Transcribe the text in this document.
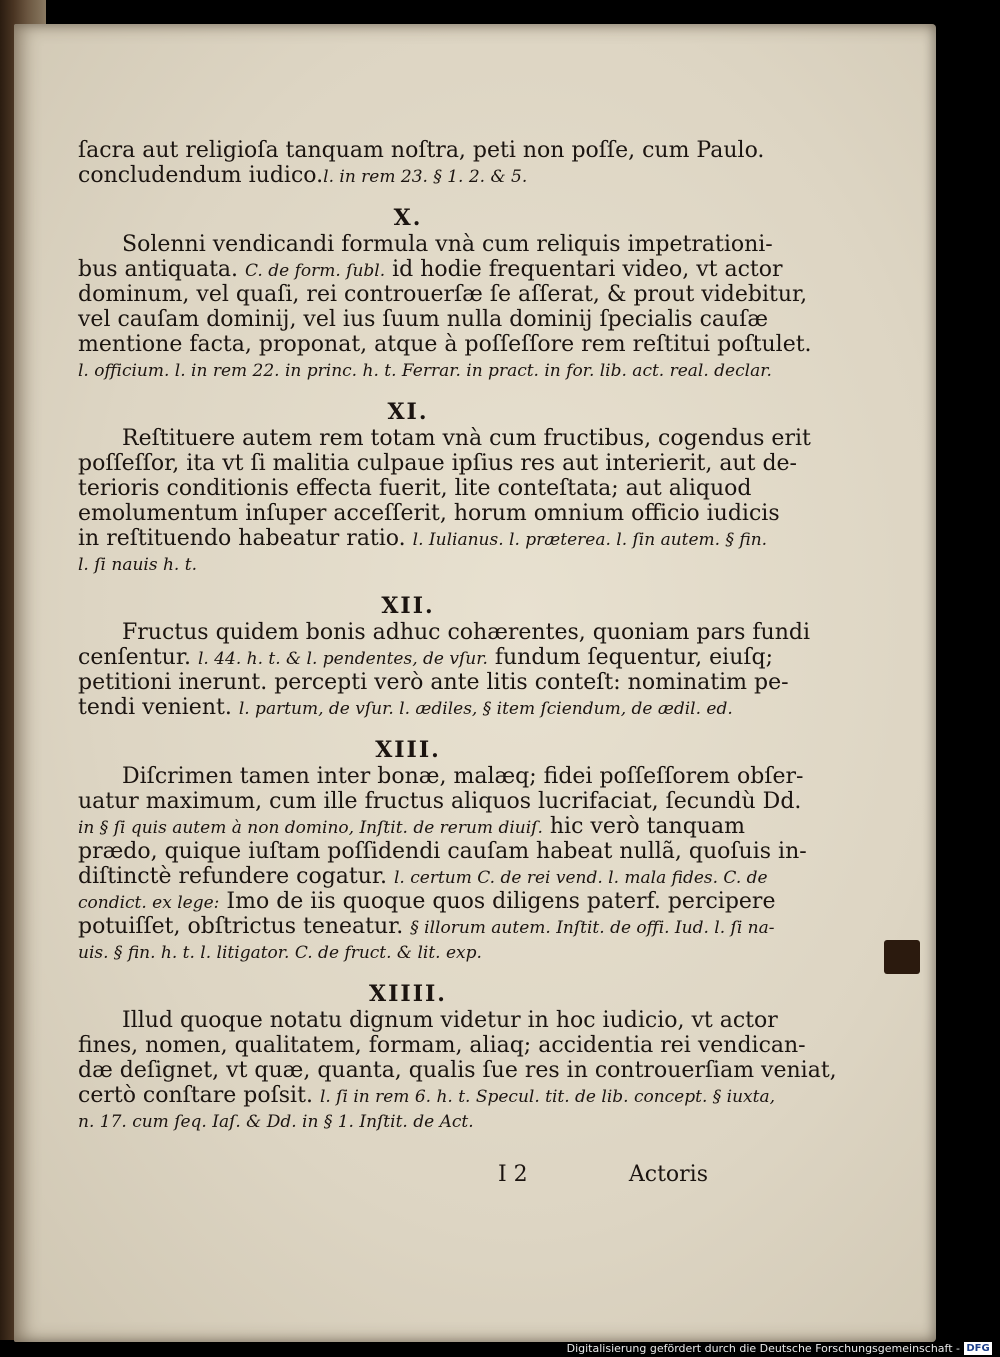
ſacra aut religioſa tanquam noſtra, peti non poſſe, cum Paulo.
concludendum iudico.l. in rem 23. § 1. 2. & 5.
X.
Solenni vendicandi formula vnà cum reliquis impetrationi-
bus antiquata. C. de form. ſubl. id hodie frequentari video, vt actor
dominum, vel quaſi, rei controuerſæ ſe aſſerat, & prout videbitur,
vel cauſam dominij, vel ius ſuum nulla dominij ſpecialis cauſæ
mentione facta, proponat, atque à poſſeſſore rem reſtitui poſtulet.
l. officium. l. in rem 22. in princ. h. t. Ferrar. in pract. in for. lib. act. real. declar.
XI.
Reſtituere autem rem totam vnà cum fructibus, cogendus erit
poſſeſſor, ita vt ſi malitia culpaue ipſius res aut interierit, aut de-
terioris conditionis effecta fuerit, lite conteſtata; aut aliquod
emolumentum inſuper acceſſerit, horum omnium officio iudicis
in reſtituendo habeatur ratio. l. Iulianus. l. præterea. l. ſin autem. § fin.
l. ſi nauis h. t.
XII.
Fructus quidem bonis adhuc cohærentes, quoniam pars fundi
cenſentur. l. 44. h. t. & l. pendentes, de vſur. fundum ſequentur, eiuſq;
petitioni inerunt. percepti verò ante litis conteſt: nominatim pe-
tendi venient. l. partum, de vſur. l. ædiles, § item ſciendum, de ædil. ed.
XIII.
Diſcrimen tamen inter bonæ, malæq; fidei poſſeſſorem obſer-
uatur maximum, cum ille fructus aliquos lucrifaciat, ſecundù Dd.
in § ſi quis autem à non domino, Inſtit. de rerum diuiſ. hic verò tanquam
prædo, quique iuſtam poſſidendi cauſam habeat nullã, quoſuis in-
diſtinctè refundere cogatur. l. certum C. de rei vend. l. mala fides. C. de
condict. ex lege: Imo de iis quoque quos diligens paterf. percipere
potuiſſet, obſtrictus teneatur. § illorum autem. Inſtit. de offi. Iud. l. ſi na-
uis. § fin. h. t. l. litigator. C. de fruct. & lit. exp.
XIIII.
Illud quoque notatu dignum videtur in hoc iudicio, vt actor
fines, nomen, qualitatem, formam, aliaq; accidentia rei vendican-
dæ deſignet, vt quæ, quanta, qualis ſue res in controuerſiam veniat,
certò conſtare poſsit. l. ſi in rem 6. h. t. Specul. tit. de lib. concept. § iuxta,
n. 17. cum ſeq. Iaſ. & Dd. in § 1. Inſtit. de Act.
I 2	Actoris
Digitalisierung gefördert durch die Deutsche Forschungsgemeinschaft - DFG
